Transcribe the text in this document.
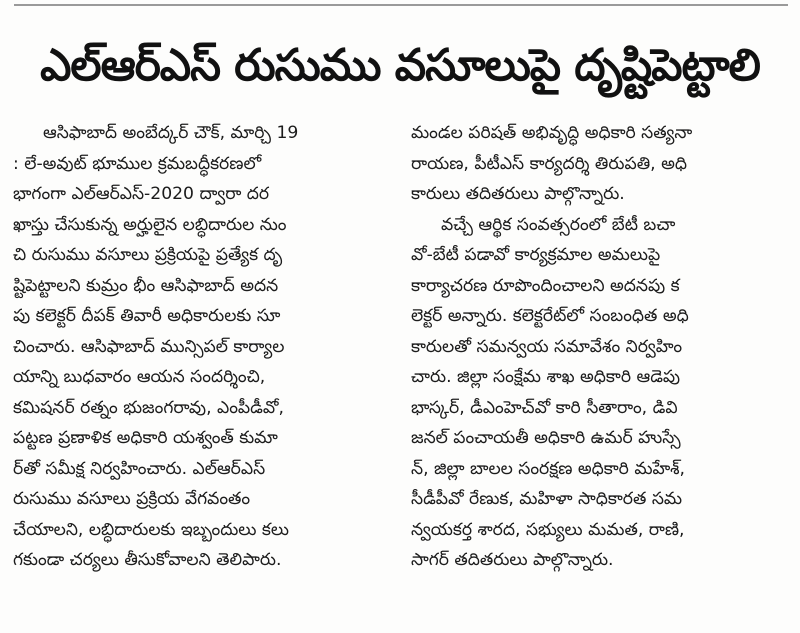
ఎల్‌ఆర్‌ఎస్ రుసుము వసూలుపై దృష్టిపెట్టాలి
ఆసిఫాబాద్ అంబేద్కర్ చౌక్, మార్చి 19
: లే-అవుట్ భూముల క్రమబద్ధీకరణలో
భాగంగా ఎల్‌ఆర్‌ఎస్-2020 ద్వారా దర
ఖాస్తు చేసుకున్న అర్హులైన లబ్ధిదారుల నుం
చి రుసుము వసూలు ప్రక్రియపై ప్రత్యేక దృ
ష్టిపెట్టాలని కుమ్రం భీం ఆసిఫాబాద్ అదన
పు కలెక్టర్ దీపక్ తివారీ అధికారులకు సూ
చించారు. ఆసిఫాబాద్ మున్సిపల్ కార్యాల
యాన్ని బుధవారం ఆయన సందర్శించి,
కమిషనర్ రత్నం భుజంగరావు, ఎంపీడీవో,
పట్టణ ప్రణాళిక అధికారి యశ్వంత్ కుమా
ర్‌తో సమీక్ష నిర్వహించారు. ఎల్‌ఆర్‌ఎస్
రుసుము వసూలు ప్రక్రియ వేగవంతం
చేయాలని, లబ్ధిదారులకు ఇబ్బందులు కలు
గకుండా చర్యలు తీసుకోవాలని తెలిపారు.
మండల పరిషత్ అభివృద్ధి అధికారి సత్యనా
రాయణ, పీటీఎస్ కార్యదర్శి తిరుపతి, అధి
కారులు తదితరులు పాల్గొన్నారు.
వచ్చే ఆర్థిక సంవత్సరంలో బేటీ బచా
వో-బేటీ పడావో కార్యక్రమాల అమలుపై
కార్యాచరణ రూపొందించాలని అదనపు క
లెక్టర్ అన్నారు. కలెక్టరేట్‌లో సంబంధిత అధి
కారులతో సమన్వయ సమావేశం నిర్వహిం
చారు. జిల్లా సంక్షేమ శాఖ అధికారి ఆడెపు
భాస్కర్, డీఎంహెచ్‌వో కారి సీతారాం, డివి
జనల్ పంచాయతీ అధికారి ఉమర్ హుస్సే
న్, జిల్లా బాలల సంరక్షణ అధికారి మహేశ్,
సీడీపీవో రేణుక, మహిళా సాధికారత సమ
న్వయకర్త శారద, సభ్యులు మమత, రాణి,
సాగర్ తదితరులు పాల్గొన్నారు.
